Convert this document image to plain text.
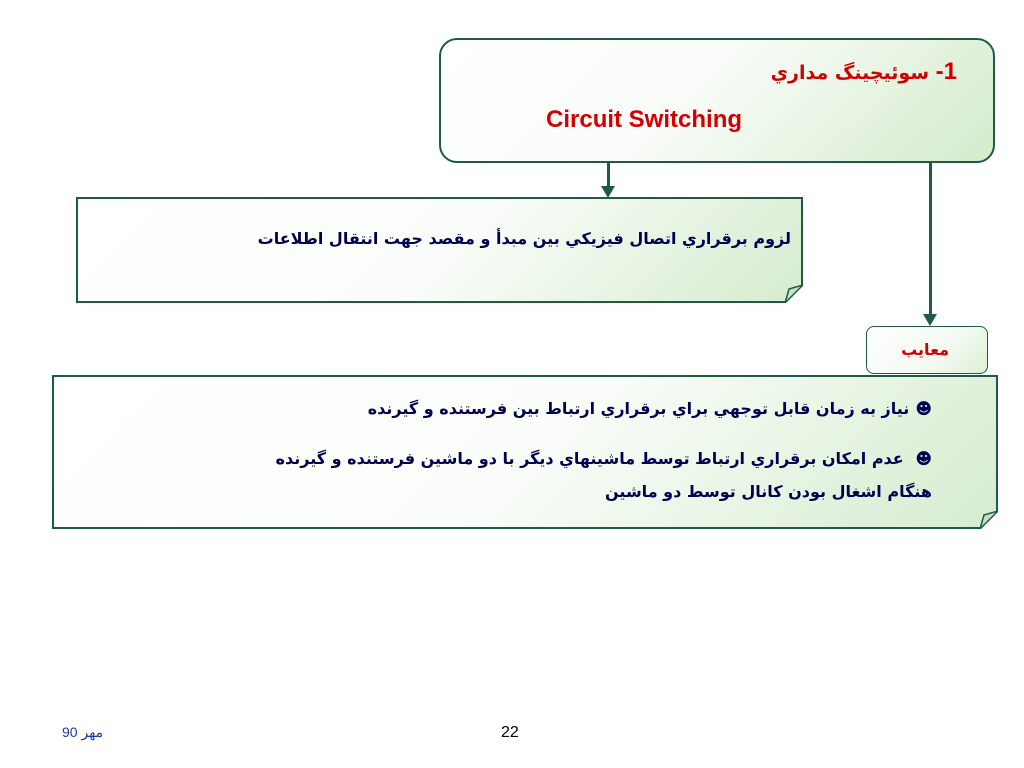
1- سوئيچينگ مداري
Circuit Switching
لزوم برقراري اتصال فيزيکي بين مبدأ و مقصد جهت انتقال اطلاعات
معايب
☻نياز به زمان قابل توجهي براي برقراري ارتباط بين فرستنده و گيرنده
☻ عدم امکان برقراري ارتباط توسط ماشينهاي ديگر با دو ماشين فرستنده و گيرنده
هنگام اشغال بودن کانال توسط دو ماشين
مهر 90	22
